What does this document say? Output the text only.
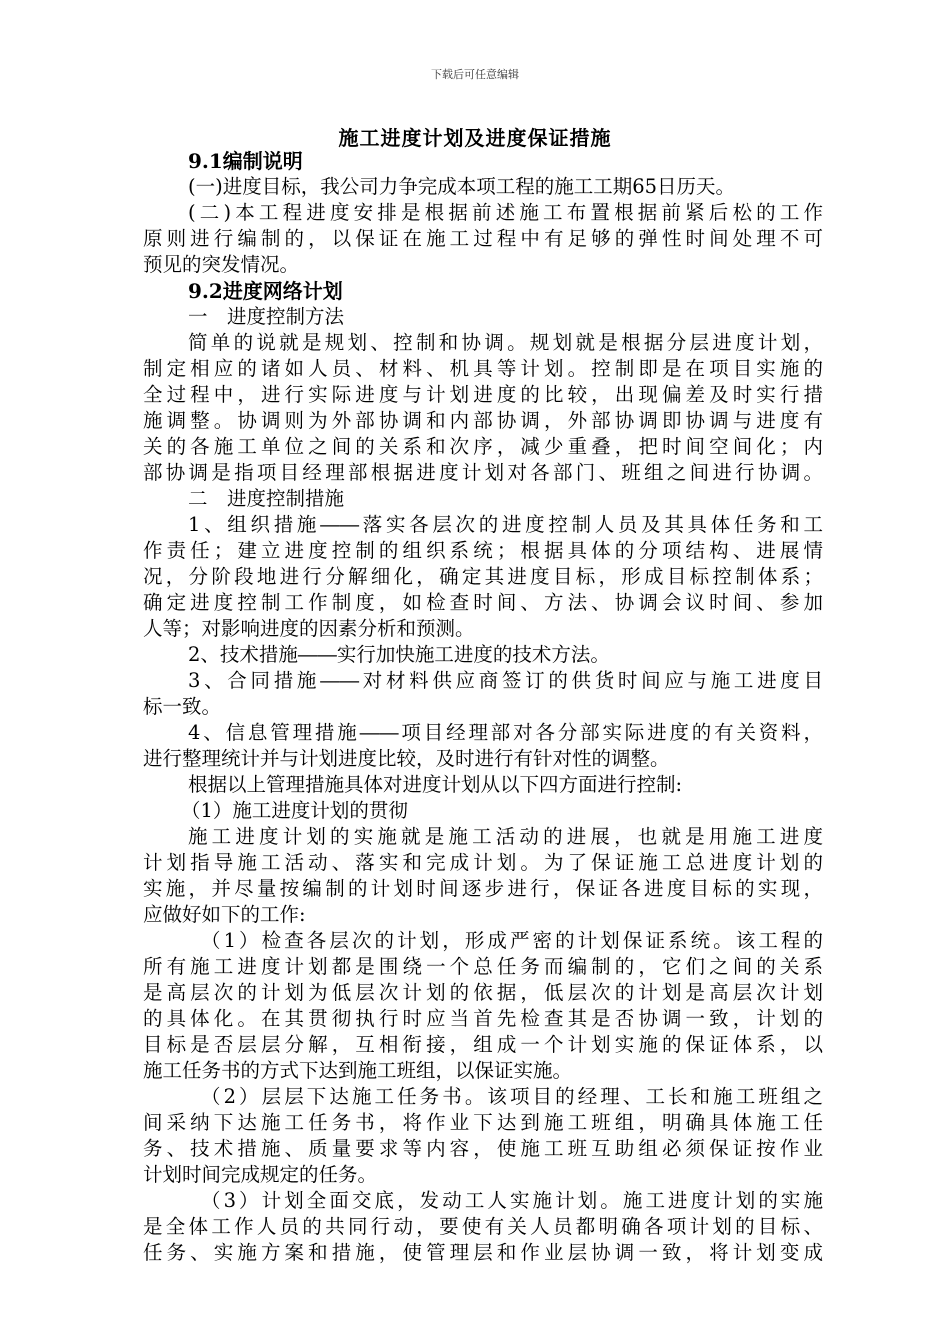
下载后可任意编辑
施工进度计划及进度保证措施
9.1编制说明
(一)进度目标，我公司力争完成本项工程的施工工期65日历天。
(二)本工程进度安排是根据前述施工布置根据前紧后松的工作
原则进行编制的，以保证在施工过程中有足够的弹性时间处理不可
预见的突发情况。
9.2进度网络计划
一　进度控制方法
简单的说就是规划、控制和协调。规划就是根据分层进度计划，
制定相应的诸如人员、材料、机具等计划。控制即是在项目实施的
全过程中，进行实际进度与计划进度的比较，出现偏差及时实行措
施调整。协调则为外部协调和内部协调，外部协调即协调与进度有
关的各施工单位之间的关系和次序，减少重叠，把时间空间化；内
部协调是指项目经理部根据进度计划对各部门、班组之间进行协调。
二　进度控制措施
1、组织措施――落实各层次的进度控制人员及其具体任务和工
作责任；建立进度控制的组织系统；根据具体的分项结构、进展情
况，分阶段地进行分解细化，确定其进度目标，形成目标控制体系；
确定进度控制工作制度，如检查时间、方法、协调会议时间、参加
人等；对影响进度的因素分析和预测。
2、技术措施――实行加快施工进度的技术方法。
3、合同措施――对材料供应商签订的供货时间应与施工进度目
标一致。
4、信息管理措施――项目经理部对各分部实际进度的有关资料，
进行整理统计并与计划进度比较，及时进行有针对性的调整。
根据以上管理措施具体对进度计划从以下四方面进行控制:
（1）施工进度计划的贯彻
施工进度计划的实施就是施工活动的进展，也就是用施工进度
计划指导施工活动、落实和完成计划。为了保证施工总进度计划的
实施，并尽量按编制的计划时间逐步进行，保证各进度目标的实现，
应做好如下的工作:
（1）检查各层次的计划，形成严密的计划保证系统。该工程的
所有施工进度计划都是围绕一个总任务而编制的，它们之间的关系
是高层次的计划为低层次计划的依据，低层次的计划是高层次计划
的具体化。在其贯彻执行时应当首先检查其是否协调一致，计划的
目标是否层层分解，互相衔接，组成一个计划实施的保证体系，以
施工任务书的方式下达到施工班组，以保证实施。
（2）层层下达施工任务书。该项目的经理、工长和施工班组之
间采纳下达施工任务书，将作业下达到施工班组，明确具体施工任
务、技术措施、质量要求等内容，使施工班互助组必须保证按作业
计划时间完成规定的任务。
（3）计划全面交底，发动工人实施计划。施工进度计划的实施
是全体工作人员的共同行动，要使有关人员都明确各项计划的目标、
任务、实施方案和措施，使管理层和作业层协调一致，将计划变成
